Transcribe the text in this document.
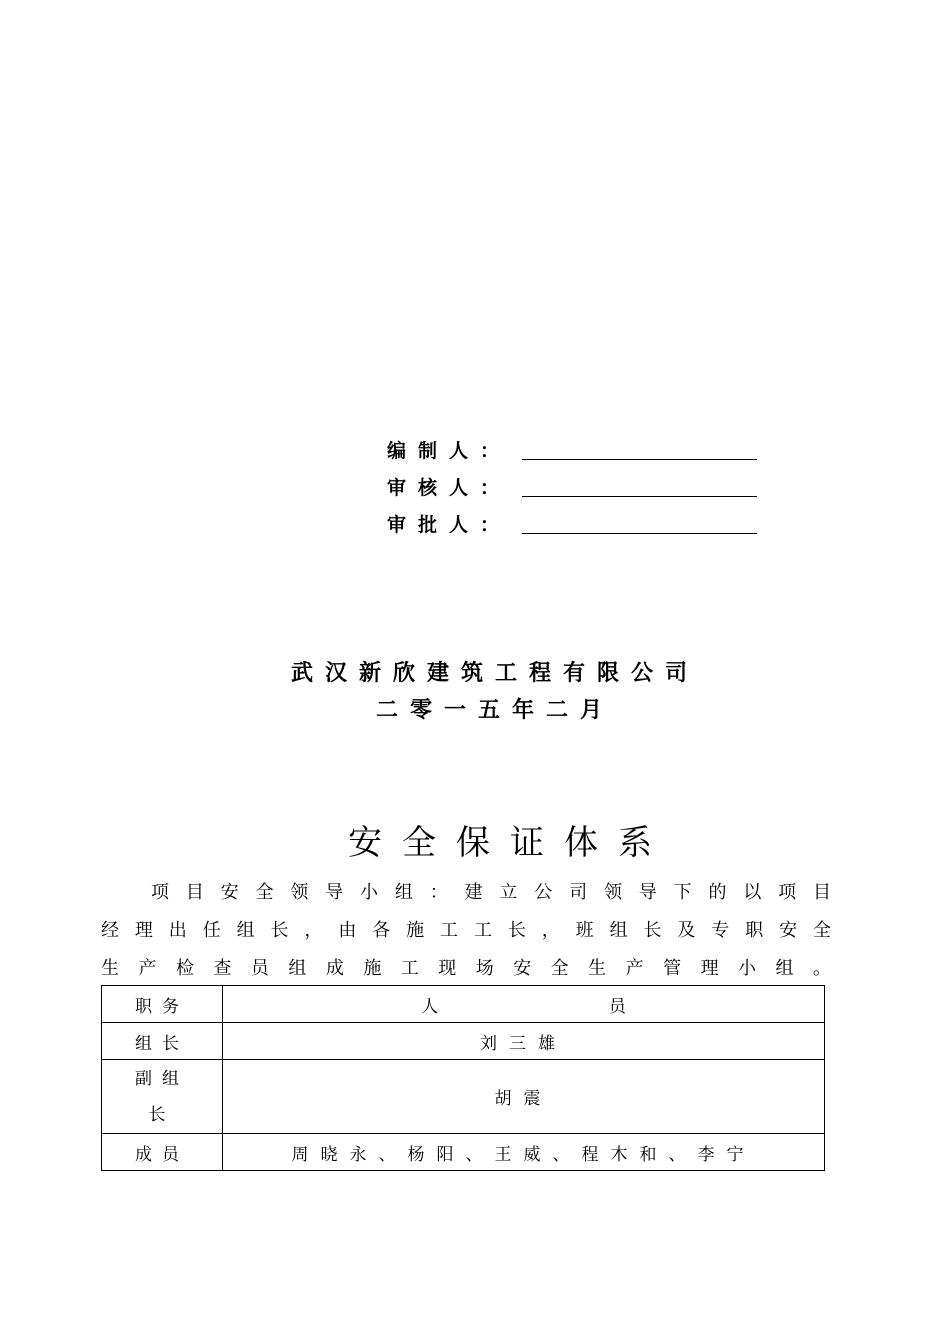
编制人：
审核人：
审批人：
武汉新欣建筑工程有限公司
二零一五年二月
安全保证体系
项目安全领导小组：建立公司领导下的以项目
经理出任组长，由各施工工长，班组长及专职安全
生产检查员组成施工现场安全生产管理小组。
职务	人 员
组长	刘三雄
副组长	胡震
成员	周晓永、杨阳、王威、程木和、李宁
